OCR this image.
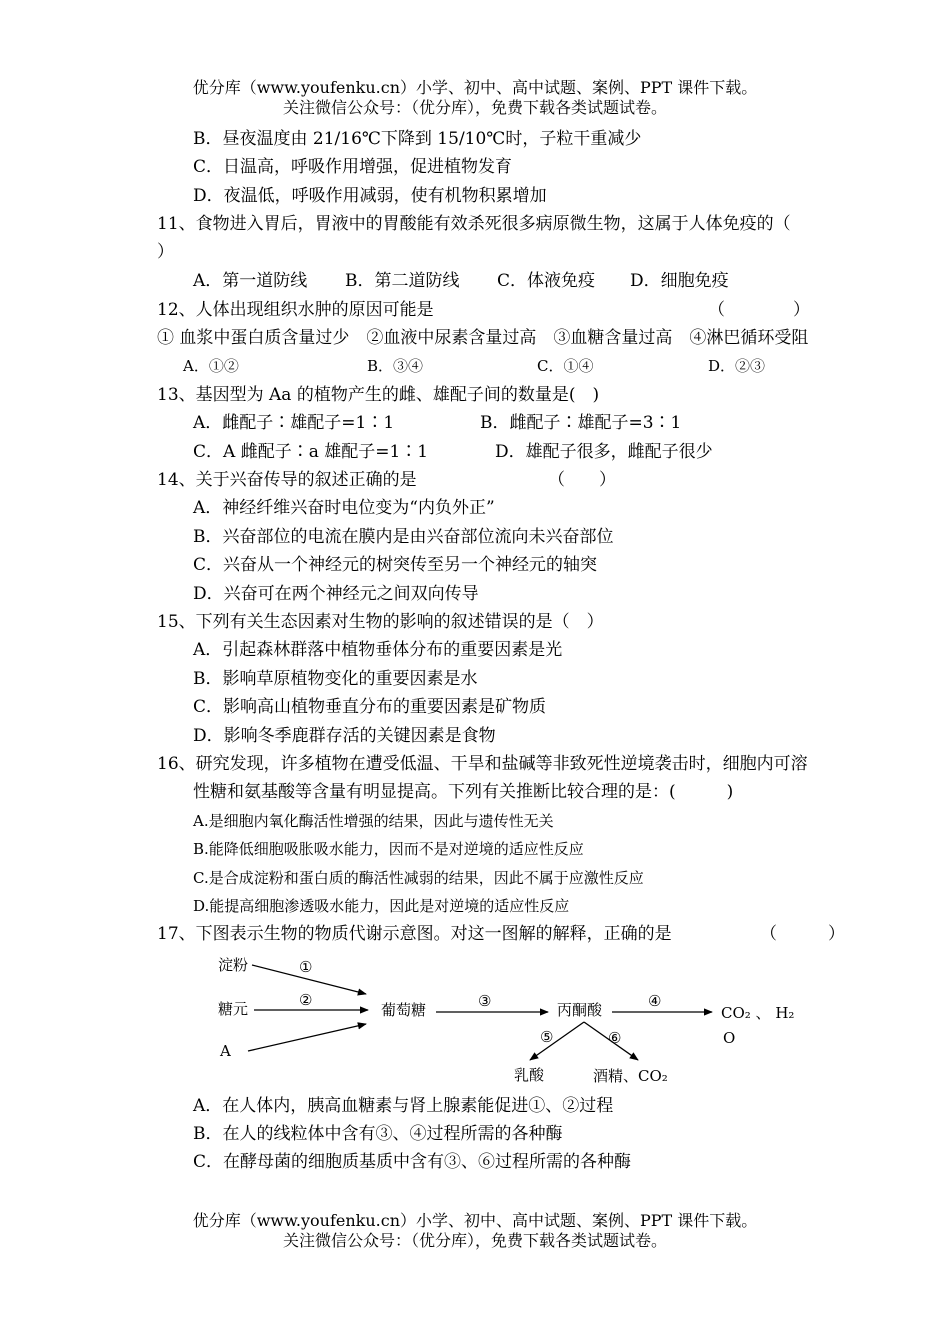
优分库（www.youfenku.cn）小学、初中、高中试题、案例、PPT 课件下载。
关注微信公众号：（优分库），免费下载各类试题试卷。
B．昼夜温度由 21/16℃下降到 15/10℃时，子粒干重减少
C．日温高，呼吸作用增强，促进植物发育
D．夜温低，呼吸作用减弱，使有机物积累增加
11、食物进入胃后，胃液中的胃酸能有效杀死很多病原微生物，这属于人体免疫的（
）
A．第一道防线 B．第二道防线 C．体液免疫 D．细胞免疫
12、人体出现组织水肿的原因可能是	（　　　　）
① 血浆中蛋白质含量过少　②血液中尿素含量过高　③血糖含量过高　④淋巴循环受阻
A．①②	B．③④	C．①④	D．②③
13、基因型为 Aa 的植物产生的雌、雄配子间的数量是(　)
A．雌配子∶雄配子=1∶1	B．雌配子∶雄配子=3∶1
C．A 雌配子∶a 雄配子=1∶1	D．雄配子很多，雌配子很少
14、关于兴奋传导的叙述正确的是	（　　）
A．神经纤维兴奋时电位变为“内负外正”
B．兴奋部位的电流在膜内是由兴奋部位流向未兴奋部位
C．兴奋从一个神经元的树突传至另一个神经元的轴突
D．兴奋可在两个神经元之间双向传导
15、下列有关生态因素对生物的影响的叙述错误的是（　）
A．引起森林群落中植物垂体分布的重要因素是光
B．影响草原植物变化的重要因素是水
C．影响高山植物垂直分布的重要因素是矿物质
D．影响冬季鹿群存活的关键因素是食物
16、研究发现，许多植物在遭受低温、干旱和盐碱等非致死性逆境袭击时，细胞内可溶
性糖和氨基酸等含量有明显提高。下列有关推断比较合理的是：(　　　)
A.是细胞内氧化酶活性增强的结果，因此与遗传性无关
B.能降低细胞吸胀吸水能力，因而不是对逆境的适应性反应
C.是合成淀粉和蛋白质的酶活性减弱的结果，因此不属于应激性反应
D.能提高细胞渗透吸水能力，因此是对逆境的适应性反应
17、下图表示生物的物质代谢示意图。对这一图解的解释，正确的是	（　　　）
淀粉
糖元
A
葡萄糖	丙酮酸	CO₂ 、 H₂
O
乳酸	酒精、CO₂
①
②	③	④
⑤	⑥
A．在人体内，胰高血糖素与肾上腺素能促进①、②过程
B．在人的线粒体中含有③、④过程所需的各种酶
C．在酵母菌的细胞质基质中含有③、⑥过程所需的各种酶
优分库（www.youfenku.cn）小学、初中、高中试题、案例、PPT 课件下载。
关注微信公众号：（优分库），免费下载各类试题试卷。
